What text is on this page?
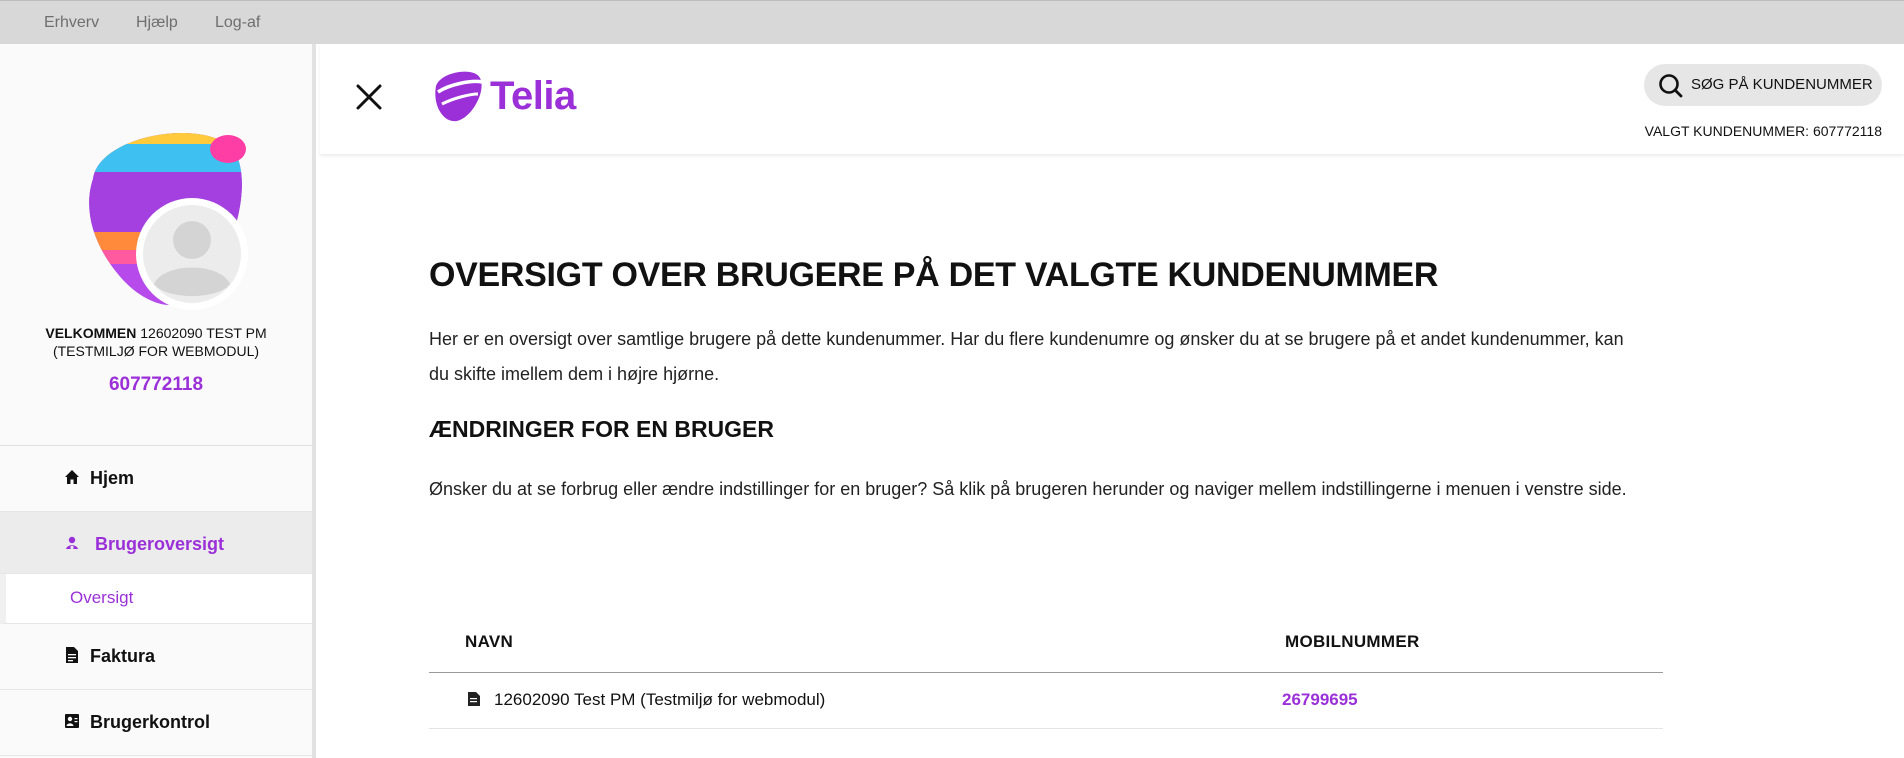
Erhverv Hjælp Log-af
VELKOMMEN 12602090 TEST PM
(TESTMILJØ FOR WEBMODUL)
607772118
Hjem
Brugeroversigt
Oversigt
Faktura
Brugerkontrol
Telia	SØG PÅ KUNDENUMMER
VALGT KUNDENUMMER: 607772118
OVERSIGT OVER BRUGERE PÅ DET VALGTE KUNDENUMMER

Her er en oversigt over samtlige brugere på dette kundenummer. Har du flere kundenumre og ønsker du at se brugere på et andet kundenummer, kan du skifte imellem dem i højre hjørne.

ÆNDRINGER FOR EN BRUGER

Ønsker du at se forbrug eller ændre indstillinger for en bruger? Så klik på brugeren herunder og naviger mellem indstillingerne i menuen i venstre side.

NAVN	MOBILNUMMER
12602090 Test PM (Testmiljø for webmodul)	26799695
